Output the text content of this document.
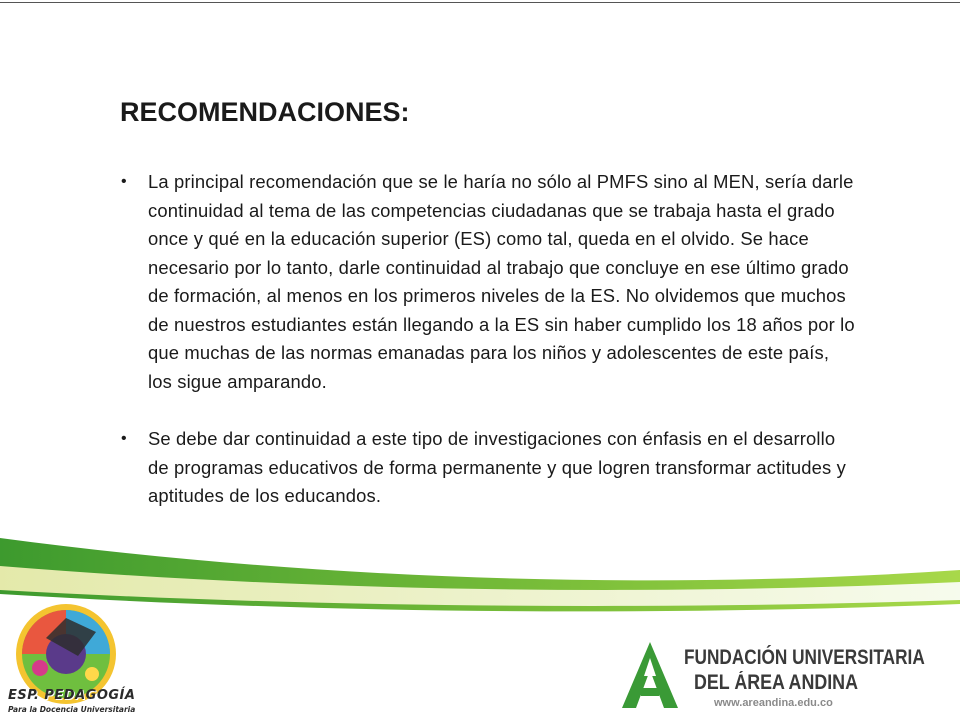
RECOMENDACIONES:
• La principal recomendación que se le haría no sólo al PMFS sino al MEN, sería darle continuidad al tema de las competencias ciudadanas que se trabaja hasta el grado once y qué en la educación superior (ES) como tal, queda en el olvido. Se hace necesario por lo tanto, darle continuidad al trabajo que concluye en ese último grado de formación, al menos en los primeros niveles de la ES. No olvidemos que muchos de nuestros estudiantes están llegando a la ES sin haber cumplido los 18 años por lo que muchas de las normas emanadas para los niños y adolescentes de este país, los sigue amparando.
• Se debe dar continuidad a este tipo de investigaciones con énfasis en el desarrollo de programas educativos de forma permanente y que logren transformar actitudes y aptitudes de los educandos.

ESP. PEDAGOGÍA

Para la Docencia Universitaria

FUNDACIÓN UNIVERSITARIA

DEL ÁREA ANDINA

www.areandina.edu.co
